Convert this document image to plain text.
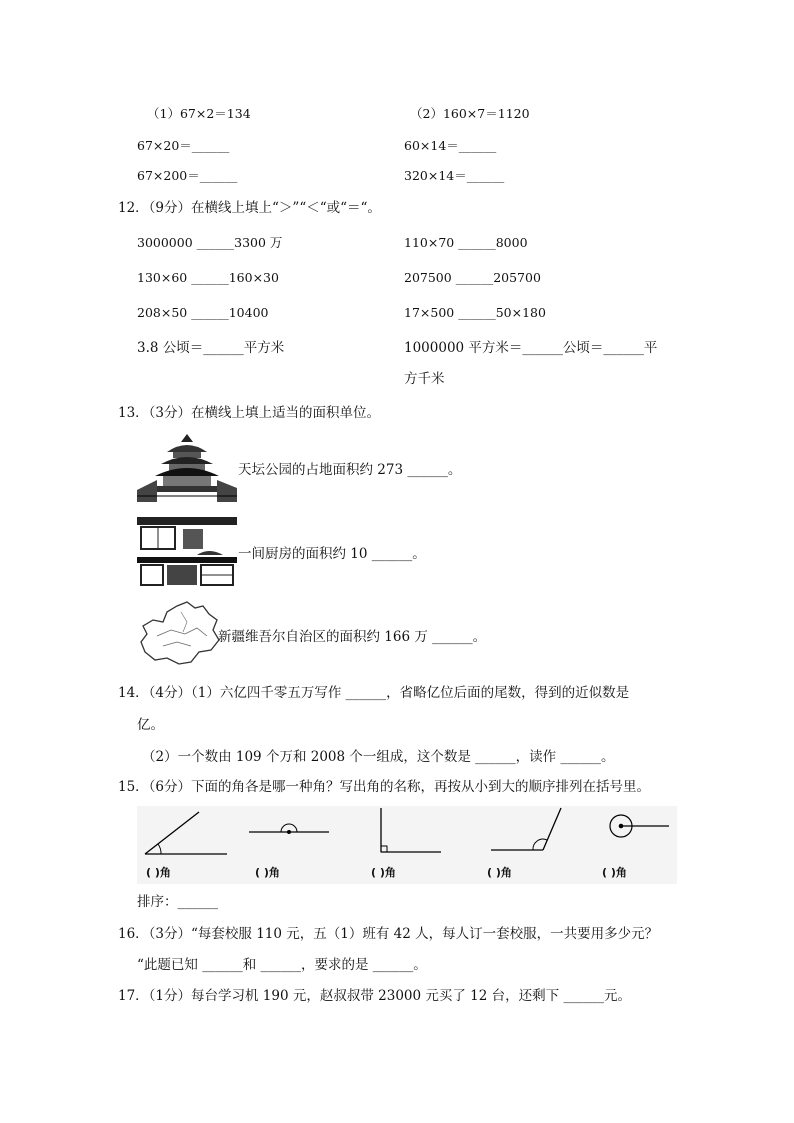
（1）67×2＝134	（2）160×7＝1120
67×20＝______	60×14＝______
67×200＝______	320×14＝______
12．（9分）在横线上填上“＞”“＜“或“＝“。
3000000 ______3300 万	110×70 ______8000
130×60 ______160×30	207500 ______205700
208×50 ______10400	17×500 ______50×180
3.8 公顷＝______平方米	1000000 平方米＝______公顷＝______平
方千米
13．（3分）在横线上填上适当的面积单位。
天坛公园的占地面积约 273 ______。
一间厨房的面积约 10 ______。
新疆维吾尔自治区的面积约 166 万 ______。
14．（4分）（1）六亿四千零五万写作 ______，省略亿位后面的尾数，得到的近似数是
亿。
（2）一个数由 109 个万和 2008 个一组成，这个数是 ______，读作 ______。
15．（6分）下面的角各是哪一种角？写出角的名称，再按从小到大的顺序排列在括号里。
( )角	( )角	( )角	( )角	( )角
排序：______
16．（3分）“每套校服 110 元，五（1）班有 42 人，每人订一套校服，一共要用多少元？
“此题已知 ______和 ______，要求的是 ______。
17．（1分）每台学习机 190 元，赵叔叔带 23000 元买了 12 台，还剩下 ______元。
